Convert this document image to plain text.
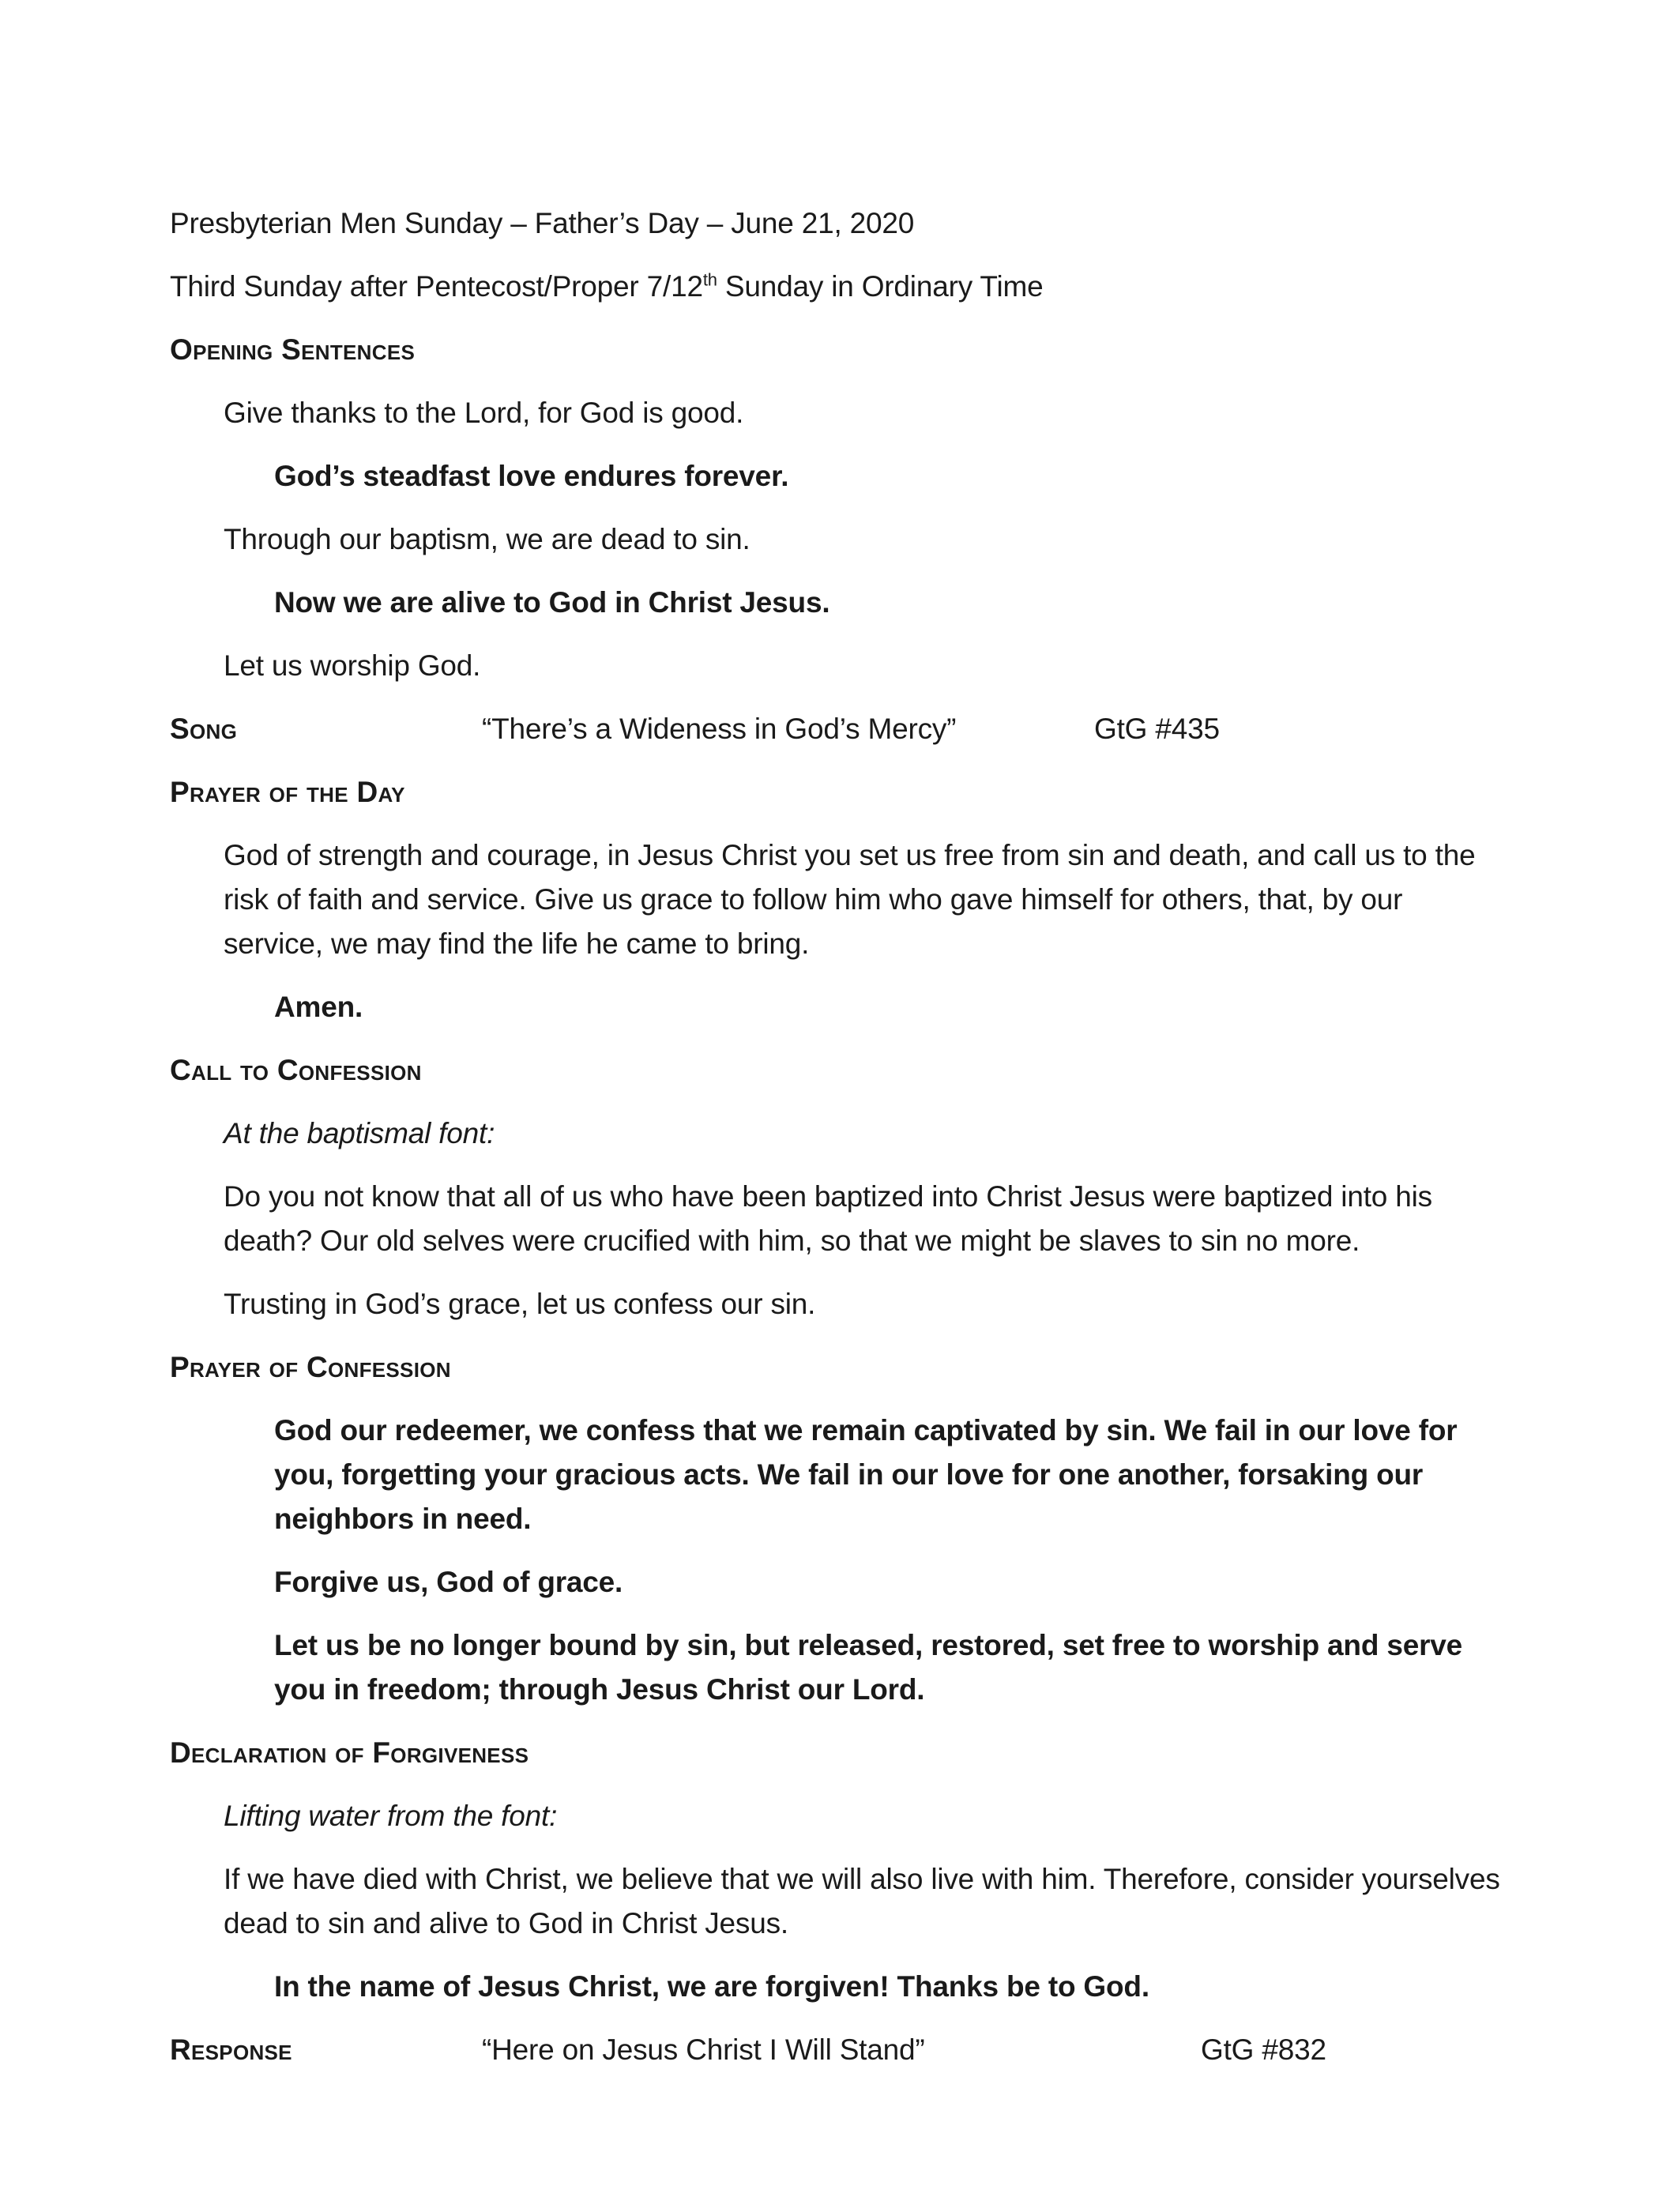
Presbyterian Men Sunday – Father’s Day – June 21, 2020

Third Sunday after Pentecost/Proper 7/12th Sunday in Ordinary Time

Opening Sentences

Give thanks to the Lord, for God is good.

God’s steadfast love endures forever.

Through our baptism, we are dead to sin.

Now we are alive to God in Christ Jesus.

Let us worship God.

Song	“There’s a Wideness in God’s Mercy”	GtG #435

Prayer of the Day

God of strength and courage, in Jesus Christ you set us free from sin and death, and call us to the risk of faith and service. Give us grace to follow him who gave himself for others, that, by our service, we may find the life he came to bring.

Amen.

Call to Confession

At the baptismal font:

Do you not know that all of us who have been baptized into Christ Jesus were baptized into his death? Our old selves were crucified with him, so that we might be slaves to sin no more.

Trusting in God’s grace, let us confess our sin.

Prayer of Confession

God our redeemer, we confess that we remain captivated by sin. We fail in our love for you, forgetting your gracious acts. We fail in our love for one another, forsaking our neighbors in need.

Forgive us, God of grace.

Let us be no longer bound by sin, but released, restored, set free to worship and serve you in freedom; through Jesus Christ our Lord.

Declaration of Forgiveness

Lifting water from the font:

If we have died with Christ, we believe that we will also live with him. Therefore, consider yourselves dead to sin and alive to God in Christ Jesus.

In the name of Jesus Christ, we are forgiven! Thanks be to God.

Response	“Here on Jesus Christ I Will Stand”	GtG #832
